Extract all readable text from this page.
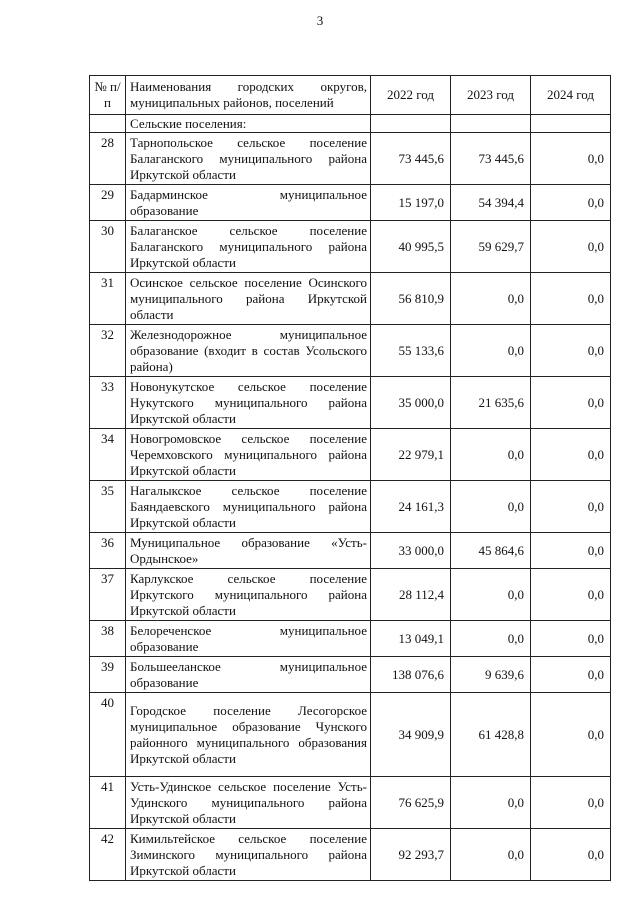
3
№ п/п	Наименования городских округов, муниципальных районов, поселений	2022 год	2023 год	2024 год
	Сельские поселения:			
28	Тарнопольское сельское поселение Балаганского муниципального района Иркутской области	73 445,6	73 445,6	0,0
29	Бадарминское муниципальное образование	15 197,0	54 394,4	0,0
30	Балаганское сельское поселение Балаганского муниципального района Иркутской области	40 995,5	59 629,7	0,0
31	Осинское сельское поселение Осинского муниципального района Иркутской области	56 810,9	0,0	0,0
32	Железнодорожное муниципальное образование (входит в состав Усольского района)	55 133,6	0,0	0,0
33	Новонукутское сельское поселение Нукутского муниципального района Иркутской области	35 000,0	21 635,6	0,0
34	Новогромовское сельское поселение Черемховского муниципального района Иркутской области	22 979,1	0,0	0,0
35	Нагалыкское сельское поселение Баяндаевского муниципального района Иркутской области	24 161,3	0,0	0,0
36	Муниципальное образование «Усть-Ордынское»	33 000,0	45 864,6	0,0
37	Карлукское сельское поселение Иркутского муниципального района Иркутской области	28 112,4	0,0	0,0
38	Белореченское муниципальное образование	13 049,1	0,0	0,0
39	Большееланское муниципальное образование	138 076,6	9 639,6	0,0
40	Городское поселение Лесогорское муниципальное образование Чунского районного муниципального образования Иркутской области	34 909,9	61 428,8	0,0
41	Усть-Удинское сельское поселение Усть-Удинского муниципального района Иркутской области	76 625,9	0,0	0,0
42	Кимильтейское сельское поселение Зиминского муниципального района Иркутской области	92 293,7	0,0	0,0
